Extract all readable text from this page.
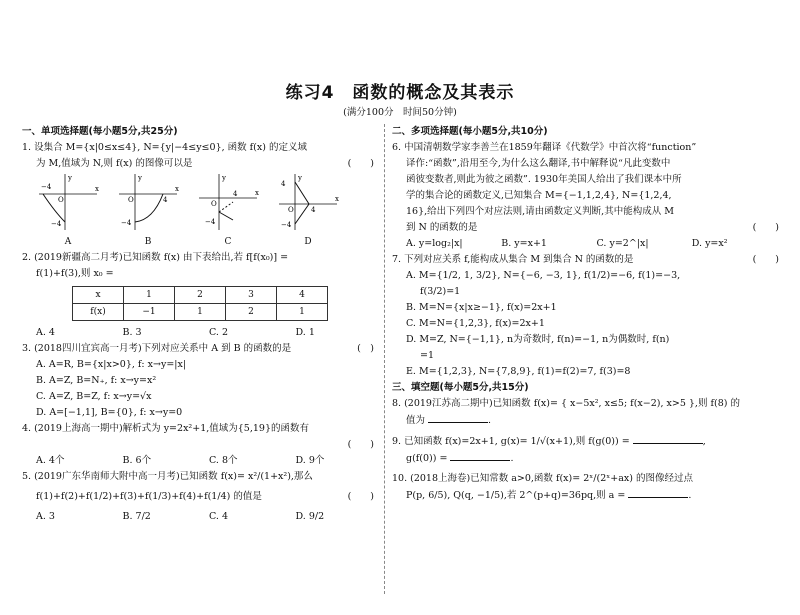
练习4　函数的概念及其表示
(满分100分　时间50分钟)
一、单项选择题(每小题5分,共25分)
1. 设集合 M={x|0≤x≤4}, N={y|−4≤y≤0}, 函数 f(x) 的定义域
为 M,值域为 N,则 f(x) 的图像可以是	(　　)
−4	x
y
O
−4
A
4
x
y
O
−4
B
4	x
y
O
−4
C
4
x
y
O
4
−4
D
2. (2019新疆高二月考)已知函数 f(x) 由下表给出,若 f[f(x₀)] =
f(1)+f(3),则 x₀ =
x	1	2	3	4
f(x)	−1	1	2	1
A. 4	B. 3	C. 2	D. 1
3. (2018四川宜宾高一月考)下列对应关系中 A 到 B 的函数的是	(　)
A. A=R, B={x|x>0}, f: x→y=|x|
B. A=Z, B=N₊, f: x→y=x²
C. A=Z, B=Z, f: x→y=√x
D. A=[−1,1], B={0}, f: x→y=0
4. (2019上海高一期中)解析式为 y=2x²+1,值域为{5,19}的函数有
(　　)

A. 4个	B. 6个	C. 8个	D. 9个
5. (2019广东华南师大附中高一月考)已知函数 f(x)= x²/(1+x²),那么
f(1)+f(2)+f(1/2)+f(3)+f(1/3)+f(4)+f(1/4) 的值是	(　　)
A. 3	B. 7/2	C. 4	D. 9/2
二、多项选择题(每小题5分,共10分)
6. 中国清朝数学家李善兰在1859年翻译《代数学》中首次将“function”
译作:“函数”,沿用至今,为什么这么翻译,书中解释说“凡此变数中
函彼变数者,则此为彼之函数”. 1930年美国人给出了我们课本中所
学的集合论的函数定义,已知集合 M={−1,1,2,4}, N={1,2,4,
16},给出下列四个对应法则,请由函数定义判断,其中能构成从 M
到 N 的函数的是	(　　)
A. y=log₂|x|	B. y=x+1	C. y=2^|x|	D. y=x²
7. 下列对应关系 f,能构成从集合 M 到集合 N 的函数的是	(　　)
A. M={1/2, 1, 3/2}, N={−6, −3, 1}, f(1/2)=−6, f(1)=−3,
f(3/2)=1
B. M=N={x|x≥−1}, f(x)=2x+1
C. M=N={1,2,3}, f(x)=2x+1
D. M=Z, N={−1,1}, n为奇数时, f(n)=−1, n为偶数时, f(n)
=1
E. M={1,2,3}, N={7,8,9}, f(1)=f(2)=7, f(3)=8
三、填空题(每小题5分,共15分)
8. (2019江苏高二期中)已知函数 f(x)= { x−5x², x≤5; f(x−2), x>5 },则 f(8) 的
值为	.
9. 已知函数 f(x)=2x+1, g(x)= 1/√(x+1),则 f(g(0)) =	,
g(f(0)) =	.
10. (2018上海卷)已知常数 a>0,函数 f(x)= 2ˣ/(2ˣ+ax) 的图像经过点
P(p, 6/5), Q(q, −1/5),若 2^(p+q)=36pq,则 a =	.
